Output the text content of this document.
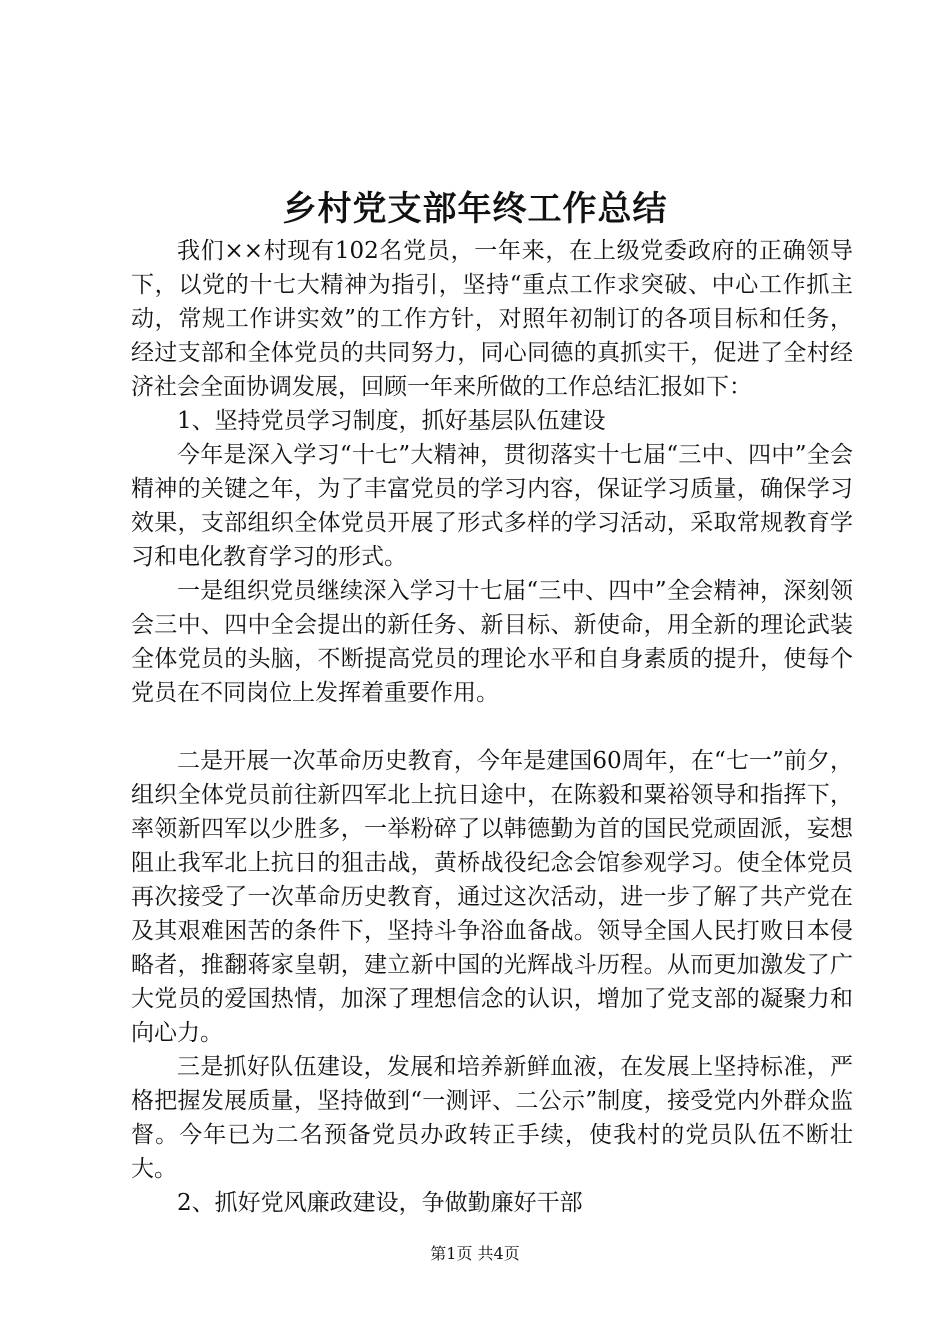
乡村党支部年终工作总结

我们××村现有102名党员，一年来，在上级党委政府的正确领导下，以党的十七大精神为指引，坚持“重点工作求突破、中心工作抓主动，常规工作讲实效”的工作方针，对照年初制订的各项目标和任务，经过支部和全体党员的共同努力，同心同德的真抓实干，促进了全村经济社会全面协调发展，回顾一年来所做的工作总结汇报如下：

1、坚持党员学习制度，抓好基层队伍建设

今年是深入学习“十七”大精神，贯彻落实十七届“三中、四中”全会精神的关键之年，为了丰富党员的学习内容，保证学习质量，确保学习效果，支部组织全体党员开展了形式多样的学习活动，采取常规教育学习和电化教育学习的形式。

一是组织党员继续深入学习十七届“三中、四中”全会精神，深刻领会三中、四中全会提出的新任务、新目标、新使命，用全新的理论武装全体党员的头脑，不断提高党员的理论水平和自身素质的提升，使每个党员在不同岗位上发挥着重要作用。

二是开展一次革命历史教育，今年是建国60周年，在“七一”前夕，组织全体党员前往新四军北上抗日途中，在陈毅和粟裕领导和指挥下，率领新四军以少胜多，一举粉碎了以韩德勤为首的国民党顽固派，妄想阻止我军北上抗日的狙击战，黄桥战役纪念会馆参观学习。使全体党员再次接受了一次革命历史教育，通过这次活动，进一步了解了共产党在及其艰难困苦的条件下，坚持斗争浴血备战。领导全国人民打败日本侵略者，推翻蒋家皇朝，建立新中国的光辉战斗历程。从而更加激发了广大党员的爱国热情，加深了理想信念的认识，增加了党支部的凝聚力和向心力。

三是抓好队伍建设，发展和培养新鲜血液，在发展上坚持标准，严格把握发展质量，坚持做到“一测评、二公示”制度，接受党内外群众监督。今年已为二名预备党员办政转正手续，使我村的党员队伍不断壮大。

2、抓好党风廉政建设，争做勤廉好干部

第1页 共4页
